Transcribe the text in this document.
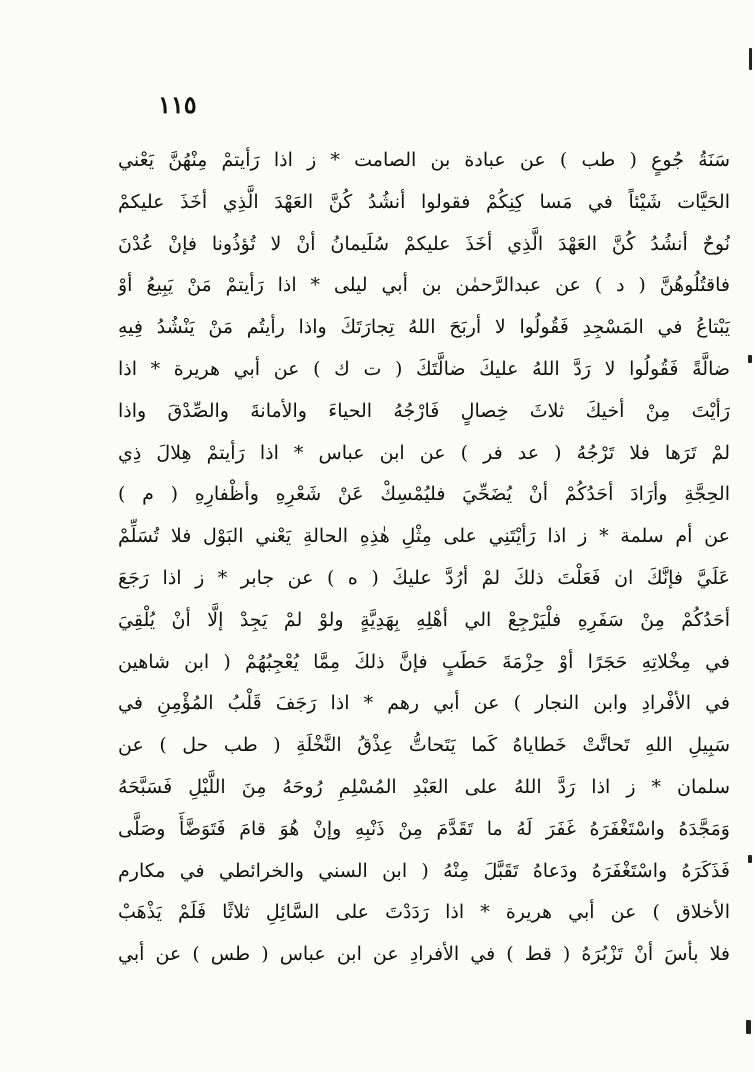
١١٥
سَنَةُ جُوعٍ ( طب ) عن عبادة بن الصامت * ز اذا رَأيتمْ مِنْهُنَّ يَعْني
الحَيَّات شَيْئاً في مَسا كِنِكُمْ فقولوا أنشُدُ كُنَّ العَهْدَ الَّذِي أخَذَ عليكمْ
نُوحٌ أنشُدُ كُنَّ العَهْدَ الَّذِي أخَذَ عليكمْ سُلَيمانُ أنْ لا تُؤذُونا فإنْ عُدْنَ
فاقتُلُوهُنَّ ( د ) عن عبدالرَّحمٰن بن أبي ليلى * اذا رَأيتمْ مَنْ يَبِيعُ أوْ
يَبْتاعُ في المَسْجِدِ فَقُولُوا لا أربَحَ اللهُ تِجارَتَكَ واذا رأيتُم مَنْ يَنْشُدُ فِيهِ
ضالَّةً فَقُولُوا لا رَدَّ اللهُ عليكَ ضالَّتَكَ ( ت ك ) عن أبي هريرة * اذا
رَأيْتَ مِنْ أخيكَ ثلاثَ خِصالٍ فَارْجُهُ الحياءَ والأمانةَ والصِّدْقَ واذا
لمْ تَرَها فلا تَرْجُهُ ( عد فر ) عن ابن عباس * اذا رَأيتمْ هِلالَ ذِي
الحِجَّةِ وأرَادَ أحَدُكُمْ أنْ يُضَحِّيَ فليُمْسِكْ عَنْ شَعْرِهِ وأظْفارِهِ ( م )
عن أم سلمة * ز اذا رَأيْتَنِي على مِثْلِ هٰذِهِ الحالةِ يَعْني البَوْل فلا تُسَلِّمْ
عَلَيَّ فإنَّكَ ان فَعَلْتَ ذلكَ لمْ أرُدَّ عليكَ ( ه ) عن جابر * ز اذا رَجَعَ
أحَدُكُمْ مِنْ سَفَرِهِ فلْيَرْجِعْ الي أهْلِهِ بِهَدِيَّةٍ ولوْ لمْ يَجِدْ إلَّا أنْ يُلْقِيَ
في مِخْلاتِهِ حَجَرًا أوْ حِزْمَةَ حَطَبٍ فإنَّ ذلكَ مِمَّا يُعْجِبُهُمْ ( ابن شاهين
في الأفْرادِ وابن النجار ) عن أبي رهم * اذا رَجَفَ قَلْبُ المُؤْمِنِ في
سَبِيلِ اللهِ تَحاتَّتْ خَطاياهُ كَما يَتَحاتُّ عِذْقُ النَّخْلَةِ ( طب حل ) عن
سلمان * ز اذا رَدَّ اللهُ على العَبْدِ المُسْلِمِ رُوحَهُ مِنَ اللَّيْلِ فَسَبَّحَهُ
وَمَجَّدَهُ واسْتَغْفَرَهُ غَفَرَ لَهُ ما تَقَدَّمَ مِنْ ذَنْبِهِ وإنْ هُوَ قامَ فَتَوَضَّأَ وصَلَّى
فَذَكَرَهُ واسْتَغْفَرَهُ ودَعاهُ تَقَبَّلَ مِنْهُ ( ابن السني والخرائطي في مكارم
الأخلاق ) عن أبي هريرة * اذا رَدَدْتَ على السَّائِلِ ثلاثًا فَلَمْ يَذْهَبْ
فلا بأسَ أنْ تَزْبُرَهُ ( قط ) في الأفرادِ عن ابن عباس ( طس ) عن أبي
